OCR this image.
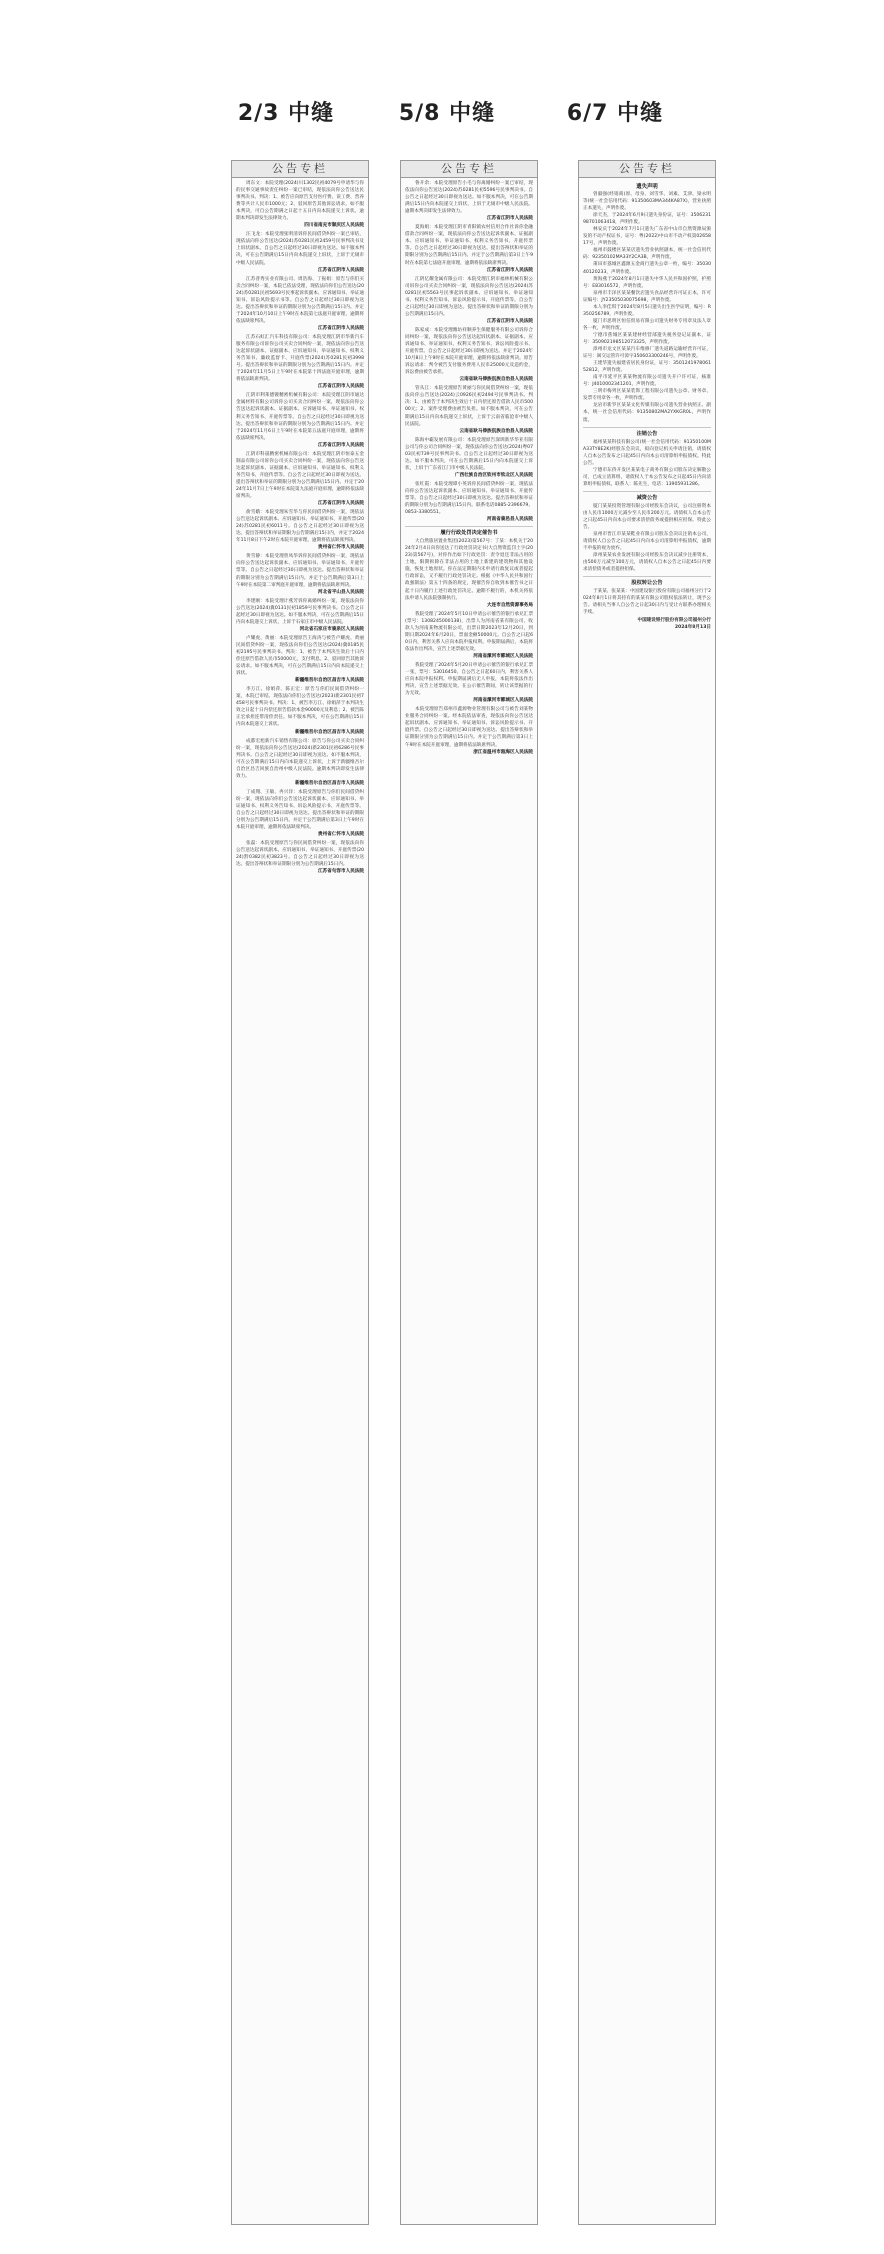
2/3 中缝	5/8 中缝	6/7 中缝
公告专栏

周东文：本院受理(2024)川1302民初4079号申请华与你的民事交通事故责任纠纷一案已审结，现依法向你公告送达民事判决书。判决：1、被告应向原告支付医疗费、误工费、营养费等共计人民币1000元；2、驳回原告其他诉讼请求。如不服本判决，可自公告期满之日起十五日内向本院递交上诉状。逾期本判决即发生法律效力。

四川省南充市顺庆区人民法院

汪飞龙：本院受理张明清诉你民间借贷纠纷一案已审结，现依法向你公告送达(2024)苏0281民初2459号民事判决书及上诉状副本。自公告之日起经过30日即视为送达。如不服本判决，可在公告期满后15日内向本院递交上诉状，上诉于无锡市中级人民法院。

江苏省江阴市人民法院

江苏普秀实业有限公司、周浩海、丁振娟：原告与你们买卖合同纠纷一案，本院已依法受理，现依法向你们公告送达(2024)苏0281民初5693号民事起诉状副本、应诉通知书、举证通知书、诉讼风险提示书等。自公告之日起经过30日即视为送达。提出答辩状和举证的期限分别为公告期满后15日内。并定于2024年10月10日上午9时在本院第七法庭开庭审理，逾期将依法缺席判决。

江苏省江阴市人民法院

江苏石虹汇汽车科技有限公司：本院受理江阴市华新汽车服务有限公司诉你公司买卖合同纠纷一案，现依法向你公告送达起诉状副本、证据副本、应诉通知书、举证通知书、权利义务告知书、廉政监督卡、开庭传票(2024)苏0281民初3998号。提出答辩状和举证的期限分别为公告期满后15日内。并定于2024年11月5日上午9时在本院第十四法庭开庭审理，逾期将依法缺席判决。

江苏省江阴市人民法院

江阴市利莱德镀精密机械有限公司：本院受理江阴市通达金属材料有限公司诉你公司买卖合同纠纷一案，现依法向你公告送达起诉状副本、证据副本、应诉通知书、举证通知书、权利义务告知书、开庭传票等。自公告之日起经过30日即视为送达。提出答辩状和举证的期限分别为公告期满后15日内。并定于2024年11月6日上午9时在本院第五法庭开庭审理，逾期将依法缺席判决。

江苏省江阴市人民法院

江阴市科晟精密机械有限公司：本院受理江阴市恒泰五金制品有限公司诉你公司买卖合同纠纷一案，现依法向你公告送达起诉状副本、证据副本、应诉通知书、举证通知书、权利义务告知书、开庭传票等。自公告之日起经过30日即视为送达。提出答辩状和举证的期限分别为公告期满后15日内。并定于2024年11月7日上午9时在本院第九法庭开庭审理，逾期将依法缺席判决。

江苏省江阴市人民法院

俞雪娥：本院受理朱雪华与你民间借贷纠纷一案，现依法公告送达起诉状副本、应诉通知书、举证通知书、开庭传票(2024)苏0281民初6011号。自公告之日起经过30日即视为送达。提出答辩状和举证期限为公告期满后15日内，并定于2024年11月8日下午2时在本院开庭审理，逾期将依法缺席判决。

贵州省仁怀市人民法院

黄雪静：本院受理曾凤华诉你民间借贷纠纷一案，现依法向你公告送达起诉状副本、应诉通知书、举证通知书、开庭传票等。自公告之日起经过30日即视为送达。提出答辩状和举证的期限分别为公告期满后15日内。并定于公告期满后第3日上午9时在本院第二审判庭开庭审理，逾期将依法缺席判决。

河北省平山县人民法院

李建刚：本院受理计燕芳诉你离婚纠纷一案，现依法向你公告送达(2024)冀0131民初1859号民事判决书。自公告之日起经过30日即视为送达。如不服本判决，可在公告期满后15日内向本院递交上诉状，上诉于石家庄市中级人民法院。

河北省石家庄市鹿泉区人民法院

卢耀虎、黄丽：本院受理原告王海涛与被告卢耀虎、黄丽民间借贷纠纷一案，现依法向你们公告送达(2024)冀0185民初2195号民事判决书。判决：1、被告于本判决生效后十日内偿还原告借款人民币50000元，支付利息。2、驳回原告其他诉讼请求。如不服本判决，可在公告期满后15日内向本院递交上诉状。

新疆维吾尔自治区昌吉市人民法院

李万江、徐娟萍、陈正宏：原告与你们民间借贷纠纷一案，本院已审结。现依法向你们公告送达(2023)新2301民初7458号民事判决书。判决：1、被告李万江、徐娟萍于本判决生效之日起十日内偿还原告借款本金90000元及利息；2、被告陈正宏承担连带清偿责任。如不服本判决，可在公告期满后15日内向本院递交上诉状。

新疆维吾尔自治区昌吉市人民法院

成都宏旭新汽车销售有限公司：原告与你公司买卖合同纠纷一案，现依法向你公告送达(2024)新2301民初6286号民事判决书。自公告之日起经过30日即视为送达。如不服本判决，可在公告期满后15日内向本院递交上诉状，上诉于新疆维吾尔自治区昌吉回族自治州中级人民法院。逾期本判决即发生法律效力。

新疆维吾尔自治区昌吉市人民法院

丁成翔、王敏、冉兴洋：本院受理原告与你们民间借贷纠纷一案，现依法向你们公告送达起诉状副本、应诉通知书、举证通知书、权利义务告知书、诉讼风险提示书、开庭传票等。自公告之日起经过30日即视为送达。提出答辩状和举证的期限分别为公告期满后15日内。并定于公告期满后第3日上午9时在本院开庭审理，逾期将依法缺席判决。

贵州省仁怀市人民法院

张磊：本院受理原告与你民间借贷纠纷一案，现依法向你公告送达起诉状副本、应诉通知书、举证通知书、开庭传票(2024)黔0382民初3823号。自公告之日起经过30日即视为送达。提出答辩状和举证期限分别为公告期满后15日内。

江苏省句容市人民法院

公告专栏

鲁开余：本院受理原告小毛与你离婚纠纷一案已审结，现依法向你公告送达(2024)苏0281民初5596号民事判决书。自公告之日起经过30日即视为送达。如不服本判决，可在公告期满后15日内向本院递交上诉状，上诉于无锡市中级人民法院。逾期本判决即发生法律效力。

江苏省江阴市人民法院

夏海娟：本院受理江阴市青阳镇农村信用合作社诉你金融借款合同纠纷一案，现依法向你公告送达起诉状副本、证据副本、应诉通知书、举证通知书、权利义务告知书、开庭传票等。自公告之日起经过30日即视为送达。提出答辩状和举证的期限分别为公告期满后15日内。并定于公告期满后第3日上午9时在本院第七法庭开庭审理，逾期将依法缺席判决。

江苏省江阴市人民法院

江阴亿耀金属有限公司：本院受理江阴市福林机械有限公司诉你公司买卖合同纠纷一案，现依法向你公告送达(2024)苏0281民初5563号民事起诉状副本、应诉通知书、举证通知书、权利义务告知书、诉讼风险提示书、开庭传票等。自公告之日起经过30日即视为送达。提出答辩状和举证的期限分别为公告期满后15日内。

江苏省江阴市人民法院

陈家成：本院受理潍坊祥顺养生保健服务有限公司诉你合同纠纷一案，现依法向你公告送达起诉状副本、证据副本、应诉通知书、举证通知书、权利义务告知书、诉讼风险提示书、开庭传票。自公告之日起经过30日即视为送达。并定于2024年10月8日上午9时在本院开庭审理，逾期将依法缺席判决。原告诉讼请求：判令被告支付服务费用人民币25000元及违约金，诉讼费由被告承担。

云南省耿马傣族佤族自治县人民法院

管从江：本院受理原告黄丽与你民间借贷纠纷一案，现依法向你公告送达(2024)云0926民初2494号民事判决书。判决：1、由被告于本判决生效后十日内偿还原告借款人民币50000元；2、案件受理费由被告负担。如不服本判决，可在公告期满后15日内向本院递交上诉状，上诉于云南省临沧市中级人民法院。

云南省耿马傣族佤族自治县人民法院

陈海中霸发展有限公司：本院受理原告深圳新华华亚有限公司与你公司合同纠纷一案，现依法向你公告送达(2024)粤0703民初739号民事判决书。自公告之日起经过30日即视为送达。如不服本判决，可在公告期满后15日内向本院递交上诉状，上诉于广东省江门市中级人民法院。

广西壮族自治区钦州市钦北区人民法院

张红霞：本院受理谭小英诉你民间借贷纠纷一案，现依法向你公告送达起诉状副本、应诉通知书、举证通知书、开庭传票等。自公告之日起经过30日即视为送达。提出答辩状和举证的期限分别为公告期满后15日内。联系电话0885-2396679、0853-3380551。

河南省鹿邑县人民法院

履行行政处罚决定催告书

大自然旅居置业集团(2023)第567号：丁某：本机关于2024年2月4日向你送达了行政处罚决定书(大自然资监罚土字(2023)第567号)，对你作出如下行政处罚：责令退还非法占用的土地，限期拆除在非法占用的土地上新建的建筑物和其他设施，恢复土地原状。你在法定期限内未申请行政复议或者提起行政诉讼，又不履行行政处罚决定。根据《中华人民共和国行政强制法》第五十四条的规定，现催告你自收到本催告书之日起十日内履行上述行政处罚决定。逾期不履行的，本机关将依法申请人民法院强制执行。

大连市自然资源事务局

我院受理了2024年5月10日申请公示催告的银行承兑汇票(票号：1308245000138)，出票人为河南省某有限公司，收款人为河南某物流有限公司，出票日期2023年12月20日，到期日期2024年6月20日，票面金额50000元。自公告之日起60日内，利害关系人应向本院申报权利。申报期届满后，本院将依法作出判决，宣告上述票据无效。

河南省漯河市郾城区人民法院

我院受理了2024年5月20日申请公示催告的银行承兑汇票一张，票号：53016450。自公告之日起60日内，利害关系人应向本院申报权利。申报期届满后无人申报，本院将依法作出判决，宣告上述票据无效。在公示催告期间，转让该票据的行为无效。

河南省漯河市郾城区人民法院

本院受理原告郑州市鑫源物业管理有限公司与被告刘某物业服务合同纠纷一案。经本院依法审查，现依法向你公告送达起诉状副本、应诉通知书、举证通知书、诉讼风险提示书、开庭传票。自公告之日起经过30日即视为送达。提出答辩状和举证期限分别为公告期满后15日内。并定于公告期满后第3日上午9时在本院开庭审理，逾期将依法缺席判决。

浙江省温州市瓯海区人民法院

公告专栏
遗失声明

曾毅强(经销商)原、母身、刘雪华、刘素、艾津、梁永明等(统一社会信用代码：91350603MA344KA87X)，营业执照正本遗失，声明作废。

徐天杰，于2024年6月9日遗失身份证，证号：350623198701063418，声明作废。

林安庆于2024年7月1日遗失广东省中山市自然资源局颁发的不动产权证书，证号：粤(2022)中山市不动产权第0265817号，声明作废。

福州市鼓楼区某某店遗失营业执照副本，统一社会信用代码：92350102MA33Y2CA3B，声明作废。

莆田市荔城区鑫源五金商行遗失公章一枚，编号：3503040120233，声明作废。

黄海燕于2024年8月1日遗失中华人民共和国护照，护照号：E83016572，声明作废。

泉州市丰泽区某某餐饮店遗失食品经营许可证正本，许可证编号：JY23505030075698，声明作废。

本人李佳琪于2024年8月5日遗失出生医学证明，编号：R350256789，声明作废。

厦门市思明区恒信贸易有限公司遗失财务专用章及法人章各一枚，声明作废。

宁德市蕉城区某某建材经营部遗失税务登记证副本，证号：350902198512073325，声明作废。

漳州市龙文区某某汽车维修厂遗失道路运输经营许可证，证号：闽交运管许可漳字350603300246号，声明作废。

王建华遗失福建省居民身份证，证号：350124197806152812，声明作废。

南平市延平区某某物流有限公司遗失开户许可证，核准号：J4010002341201，声明作废。

三明市梅列区某某装饰工程有限公司遗失公章、财务章、发票专用章各一枚，声明作废。

龙岩市新罗区某某文化传媒有限公司遗失营业执照正、副本，统一社会信用代码：91350802MA2YXKGR0L，声明作废。

注销公告

福州某某科技有限公司(统一社会信用代码：91350100MA33TY8E2K)经股东会决议，拟向登记机关申请注销，请债权人自本公告发布之日起45日内向本公司清算组申报债权。特此公告。

宁德市东侨开发区某某电子商务有限公司股东决定解散公司，已成立清算组，请债权人于本公告发布之日起45日内向清算组申报债权。联系人：陈先生，电话：13905931286。

减资公告

厦门某某投资管理有限公司经股东会决议，公司注册资本由人民币1000万元减少至人民币200万元。请债权人自本公告之日起45日内向本公司要求清偿债务或提供相应担保。特此公告。

泉州市晋江市某某鞋业有限公司股东会决议注销本公司，请债权人自公告之日起45日内向本公司清算组申报债权，逾期不申报的视为放弃。

漳州某某农业发展有限公司经股东会决议减少注册资本，由500万元减至100万元，请债权人自本公告之日起45日内要求清偿债务或者提供担保。

股权转让公告

于某某、张某某：中国建设银行股份有限公司福州分行于2024年8月1日将其持有的某某有限公司股权依法转让，现予公告。请相关当事人自公告之日起30日内与受让方联系办理相关手续。

中国建设银行股份有限公司福州分行
2024年8月13日
